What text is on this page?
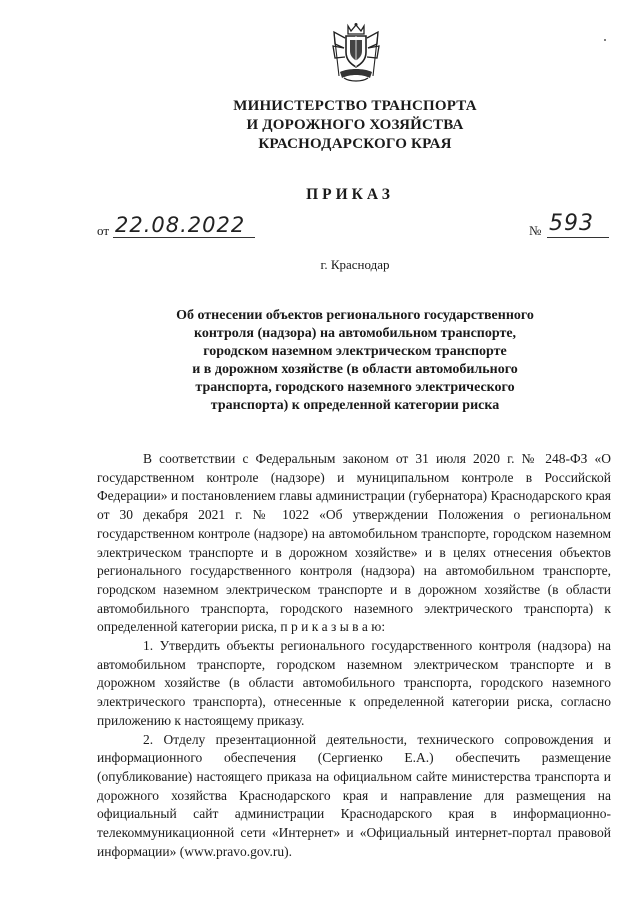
МИНИСТЕРСТВО ТРАНСПОРТА
И ДОРОЖНОГО ХОЗЯЙСТВА
КРАСНОДАРСКОГО КРАЯ
ПРИКАЗ
от 22.08.2022	№ 593
г. Краснодар
Об отнесении объектов регионального государственного
контроля (надзора) на автомобильном транспорте,
городском наземном электрическом транспорте
и в дорожном хозяйстве (в области автомобильного
транспорта, городского наземного электрического
транспорта) к определенной категории риска

В соответствии с Федеральным законом от 31 июля 2020 г. № 248-ФЗ «О государственном контроле (надзоре) и муниципальном контроле в Российской Федерации» и постановлением главы администрации (губернатора) Краснодарского края от 30 декабря 2021 г. № 1022 «Об утверждении Положения о региональном государственном контроле (надзоре) на автомобильном транспорте, городском наземном электрическом транспорте и в дорожном хозяйстве» и в целях отнесения объектов регионального государственного контроля (надзора) на автомобильном транспорте, городском наземном электрическом транспорте и в дорожном хозяйстве (в области автомобильного транспорта, городского наземного электрического транспорта) к определенной категории риска, п р и к а з ы в а ю:

1. Утвердить объекты регионального государственного контроля (надзора) на автомобильном транспорте, городском наземном электрическом транспорте и в дорожном хозяйстве (в области автомобильного транспорта, городского наземного электрического транспорта), отнесенные к определенной категории риска, согласно приложению к настоящему приказу.

2. Отделу презентационной деятельности, технического сопровождения и информационного обеспечения (Сергиенко Е.А.) обеспечить размещение (опубликование) настоящего приказа на официальном сайте министерства транспорта и дорожного хозяйства Краснодарского края и направление для размещения на официальный сайт администрации Краснодарского края в информационно-телекоммуникационной сети «Интернет» и «Официальный интернет-портал правовой информации» (www.pravo.gov.ru).
